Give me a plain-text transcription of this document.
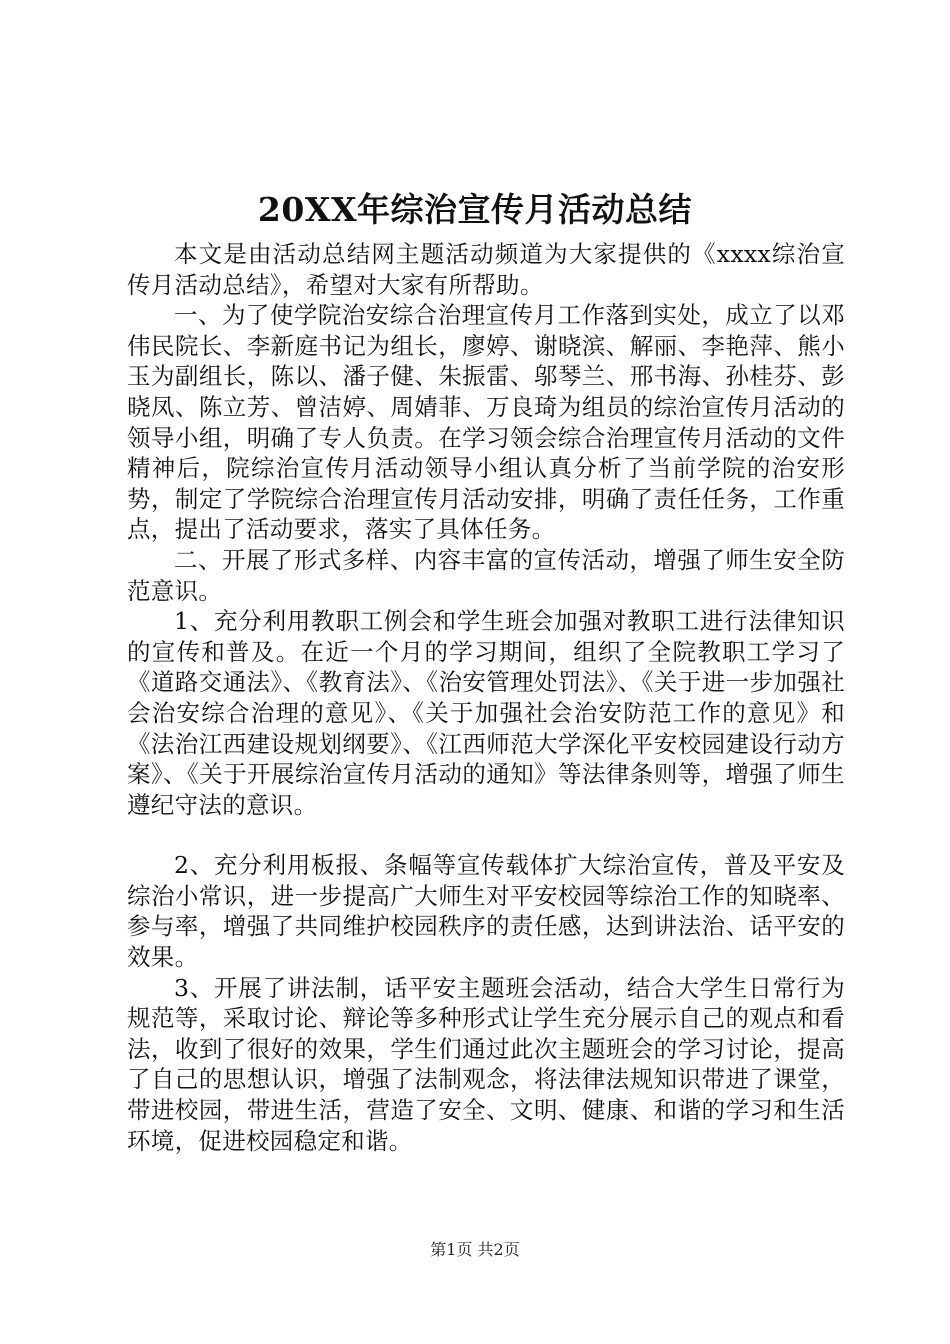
20XX年综治宣传月活动总结

本文是由活动总结网主题活动频道为大家提供的《xxxx综治宣传月活动总结》，希望对大家有所帮助。

一、为了使学院治安综合治理宣传月工作落到实处，成立了以邓伟民院长、李新庭书记为组长，廖婷、谢晓滨、解丽、李艳萍、熊小玉为副组长，陈以、潘子健、朱振雷、邬琴兰、邢书海、孙桂芬、彭晓凤、陈立芳、曾洁婷、周婧菲、万良琦为组员的综治宣传月活动的领导小组，明确了专人负责。在学习领会综合治理宣传月活动的文件精神后，院综治宣传月活动领导小组认真分析了当前学院的治安形势，制定了学院综合治理宣传月活动安排，明确了责任任务，工作重点，提出了活动要求，落实了具体任务。

二、开展了形式多样、内容丰富的宣传活动，增强了师生安全防范意识。

1、充分利用教职工例会和学生班会加强对教职工进行法律知识的宣传和普及。在近一个月的学习期间，组织了全院教职工学习了《道路交通法》、《教育法》、《治安管理处罚法》、《关于进一步加强社会治安综合治理的意见》、《关于加强社会治安防范工作的意见》和《法治江西建设规划纲要》、《江西师范大学深化平安校园建设行动方案》、《关于开展综治宣传月活动的通知》等法律条则等，增强了师生遵纪守法的意识。

2、充分利用板报、条幅等宣传载体扩大综治宣传，普及平安及综治小常识，进一步提高广大师生对平安校园等综治工作的知晓率、参与率，增强了共同维护校园秩序的责任感，达到讲法治、话平安的效果。

3、开展了讲法制，话平安主题班会活动，结合大学生日常行为规范等，采取讨论、辩论等多种形式让学生充分展示自己的观点和看法，收到了很好的效果，学生们通过此次主题班会的学习讨论，提高了自己的思想认识，增强了法制观念，将法律法规知识带进了课堂，带进校园，带进生活，营造了安全、文明、健康、和谐的学习和生活环境，促进校园稳定和谐。

第1页 共2页
